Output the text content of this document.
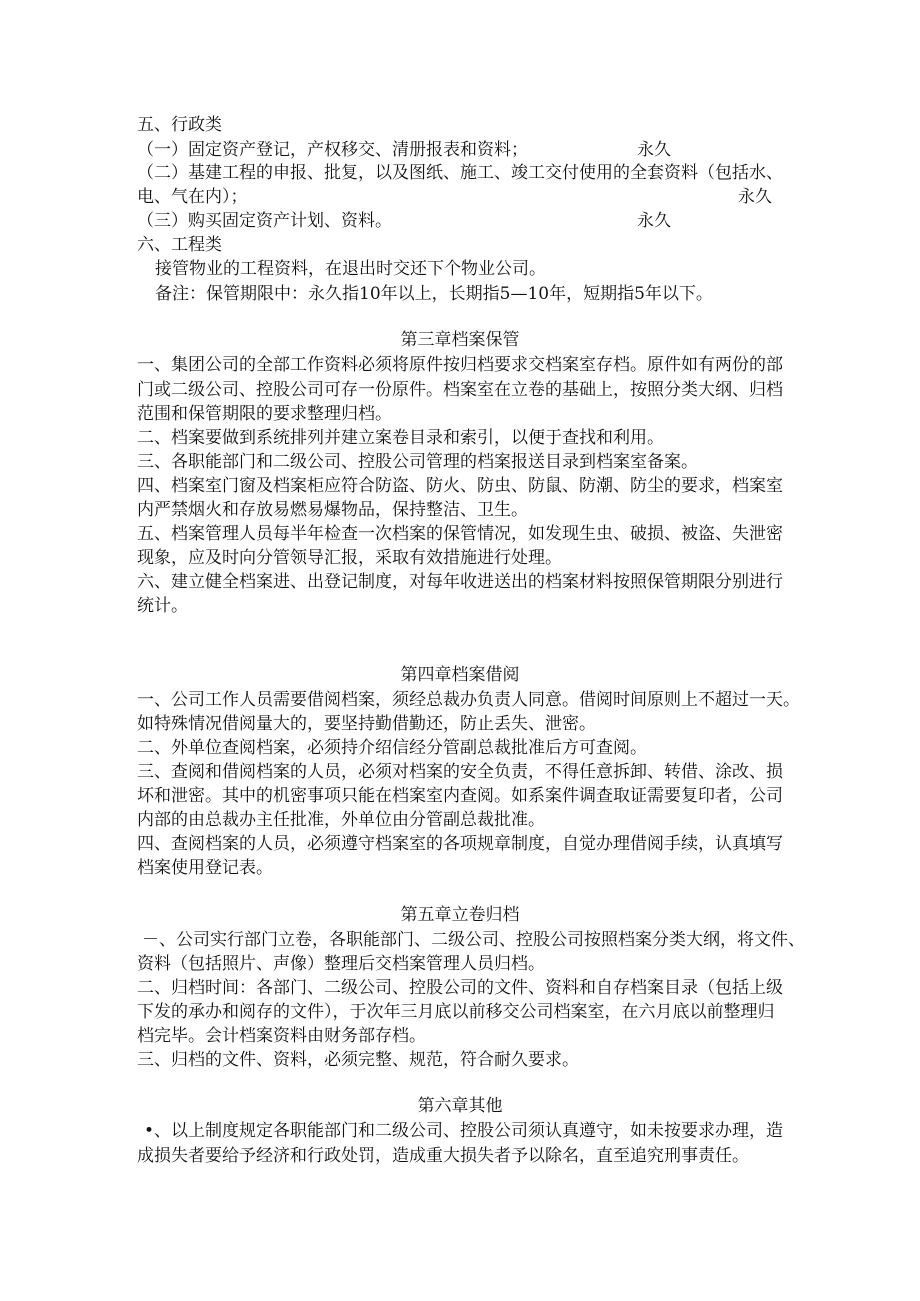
五、行政类
（一）固定资产登记，产权移交、清册报表和资料；	永久
（二）基建工程的申报、批复，以及图纸、施工、竣工交付使用的全套资料（包括水、
电、气在内）；	永久
（三）购买固定资产计划、资料。	永久
六、工程类
接管物业的工程资料，在退出时交还下个物业公司。
备注：保管期限中：永久指10年以上，长期指5—10年，短期指5年以下。
第三章档案保管
一、集团公司的全部工作资料必须将原件按归档要求交档案室存档。原件如有两份的部
门或二级公司、控股公司可存一份原件。档案室在立卷的基础上，按照分类大纲、归档
范围和保管期限的要求整理归档。
二、档案要做到系统排列并建立案卷目录和索引，以便于查找和利用。
三、各职能部门和二级公司、控股公司管理的档案报送目录到档案室备案。
四、档案室门窗及档案柜应符合防盗、防火、防虫、防鼠、防潮、防尘的要求，档案室
内严禁烟火和存放易燃易爆物品，保持整洁、卫生。
五、档案管理人员每半年检查一次档案的保管情况，如发现生虫、破损、被盗、失泄密
现象，应及时向分管领导汇报，采取有效措施进行处理。
六、建立健全档案进、出登记制度，对每年收进送出的档案材料按照保管期限分别进行
统计。
第四章档案借阅
一、公司工作人员需要借阅档案，须经总裁办负责人同意。借阅时间原则上不超过一天。
如特殊情况借阅量大的，要坚持勤借勤还，防止丢失、泄密。
二、外单位查阅档案，必须持介绍信经分管副总裁批准后方可查阅。
三、查阅和借阅档案的人员，必须对档案的安全负责，不得任意拆卸、转借、涂改、损
坏和泄密。其中的机密事项只能在档案室内查阅。如系案件调查取证需要复印者，公司
内部的由总裁办主任批准，外单位由分管副总裁批准。
四、查阅档案的人员，必须遵守档案室的各项规章制度，自觉办理借阅手续，认真填写
档案使用登记表。
第五章立卷归档
－、公司实行部门立卷，各职能部门、二级公司、控股公司按照档案分类大纲，将文件、
资料（包括照片、声像）整理后交档案管理人员归档。
二、归档时间：各部门、二级公司、控股公司的文件、资料和自存档案目录（包括上级
下发的承办和阅存的文件），于次年三月底以前移交公司档案室，在六月底以前整理归
档完毕。会计档案资料由财务部存档。
三、归档的文件、资料，必须完整、规范，符合耐久要求。
第六章其他
•、以上制度规定各职能部门和二级公司、控股公司须认真遵守，如未按要求办理，造
成损失者要给予经济和行政处罚，造成重大损失者予以除名，直至追究刑事责任。
